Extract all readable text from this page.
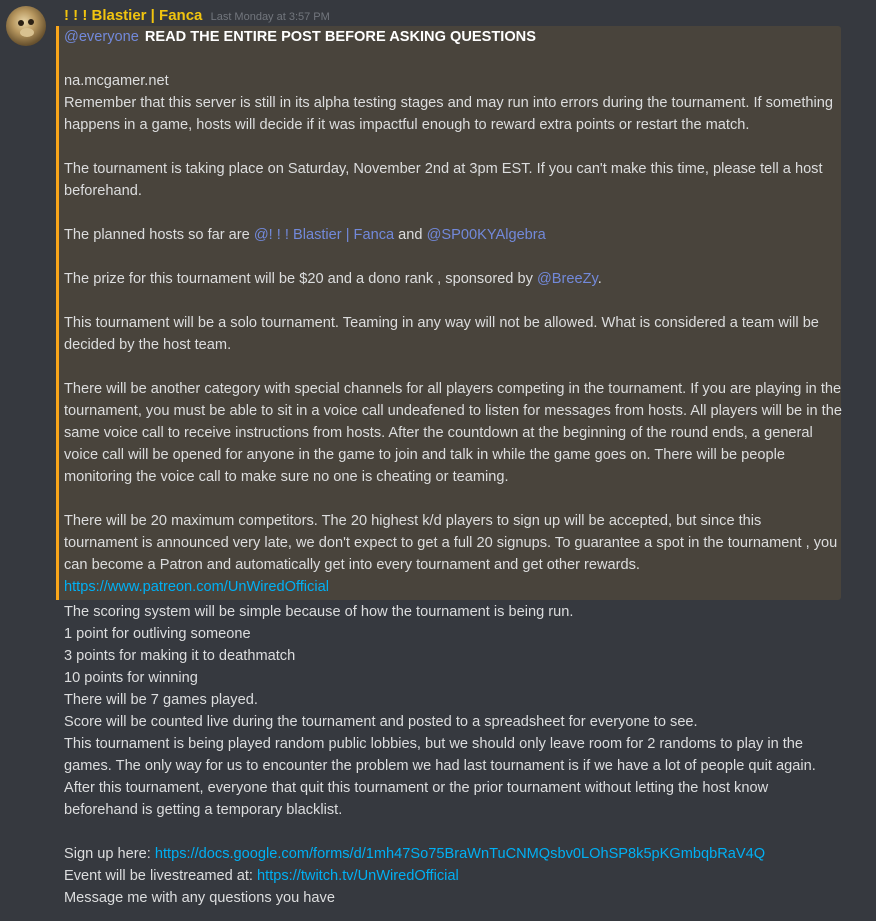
! ! ! Blastier | Fanca Last Monday at 3:57 PM
@everyone READ THE ENTIRE POST BEFORE ASKING QUESTIONS
na.mcgamer.net
Remember that this server is still in its alpha testing stages and may run into errors during the tournament. If something
happens in a game, hosts will decide if it was impactful enough to reward extra points or restart the match.
The tournament is taking place on Saturday, November 2nd at 3pm EST. If you can't make this time, please tell a host
beforehand.
The planned hosts so far are @! ! ! Blastier | Fanca and @SP00KYAlgebra
The prize for this tournament will be $20 and a dono rank , sponsored by @BreeZy.
This tournament will be a solo tournament. Teaming in any way will not be allowed. What is considered a team will be
decided by the host team.
There will be another category with special channels for all players competing in the tournament. If you are playing in the
tournament, you must be able to sit in a voice call undeafened to listen for messages from hosts. All players will be in the
same voice call to receive instructions from hosts. After the countdown at the beginning of the round ends, a general
voice call will be opened for anyone in the game to join and talk in while the game goes on. There will be people
monitoring the voice call to make sure no one is cheating or teaming.
There will be 20 maximum competitors. The 20 highest k/d players to sign up will be accepted, but since this
tournament is announced very late, we don't expect to get a full 20 signups. To guarantee a spot in the tournament , you
can become a Patron and automatically get into every tournament and get other rewards.
https://www.patreon.com/UnWiredOfficial
The scoring system will be simple because of how the tournament is being run.
1 point for outliving someone
3 points for making it to deathmatch
10 points for winning
There will be 7 games played.
Score will be counted live during the tournament and posted to a spreadsheet for everyone to see.
This tournament is being played random public lobbies, but we should only leave room for 2 randoms to play in the
games. The only way for us to encounter the problem we had last tournament is if we have a lot of people quit again.
After this tournament, everyone that quit this tournament or the prior tournament without letting the host know
beforehand is getting a temporary blacklist.
Sign up here: https://docs.google.com/forms/d/1mh47So75BraWnTuCNMQsbv0LOhSP8k5pKGmbqbRaV4Q
Event will be livestreamed at: https://twitch.tv/UnWiredOfficial
Message me with any questions you have
